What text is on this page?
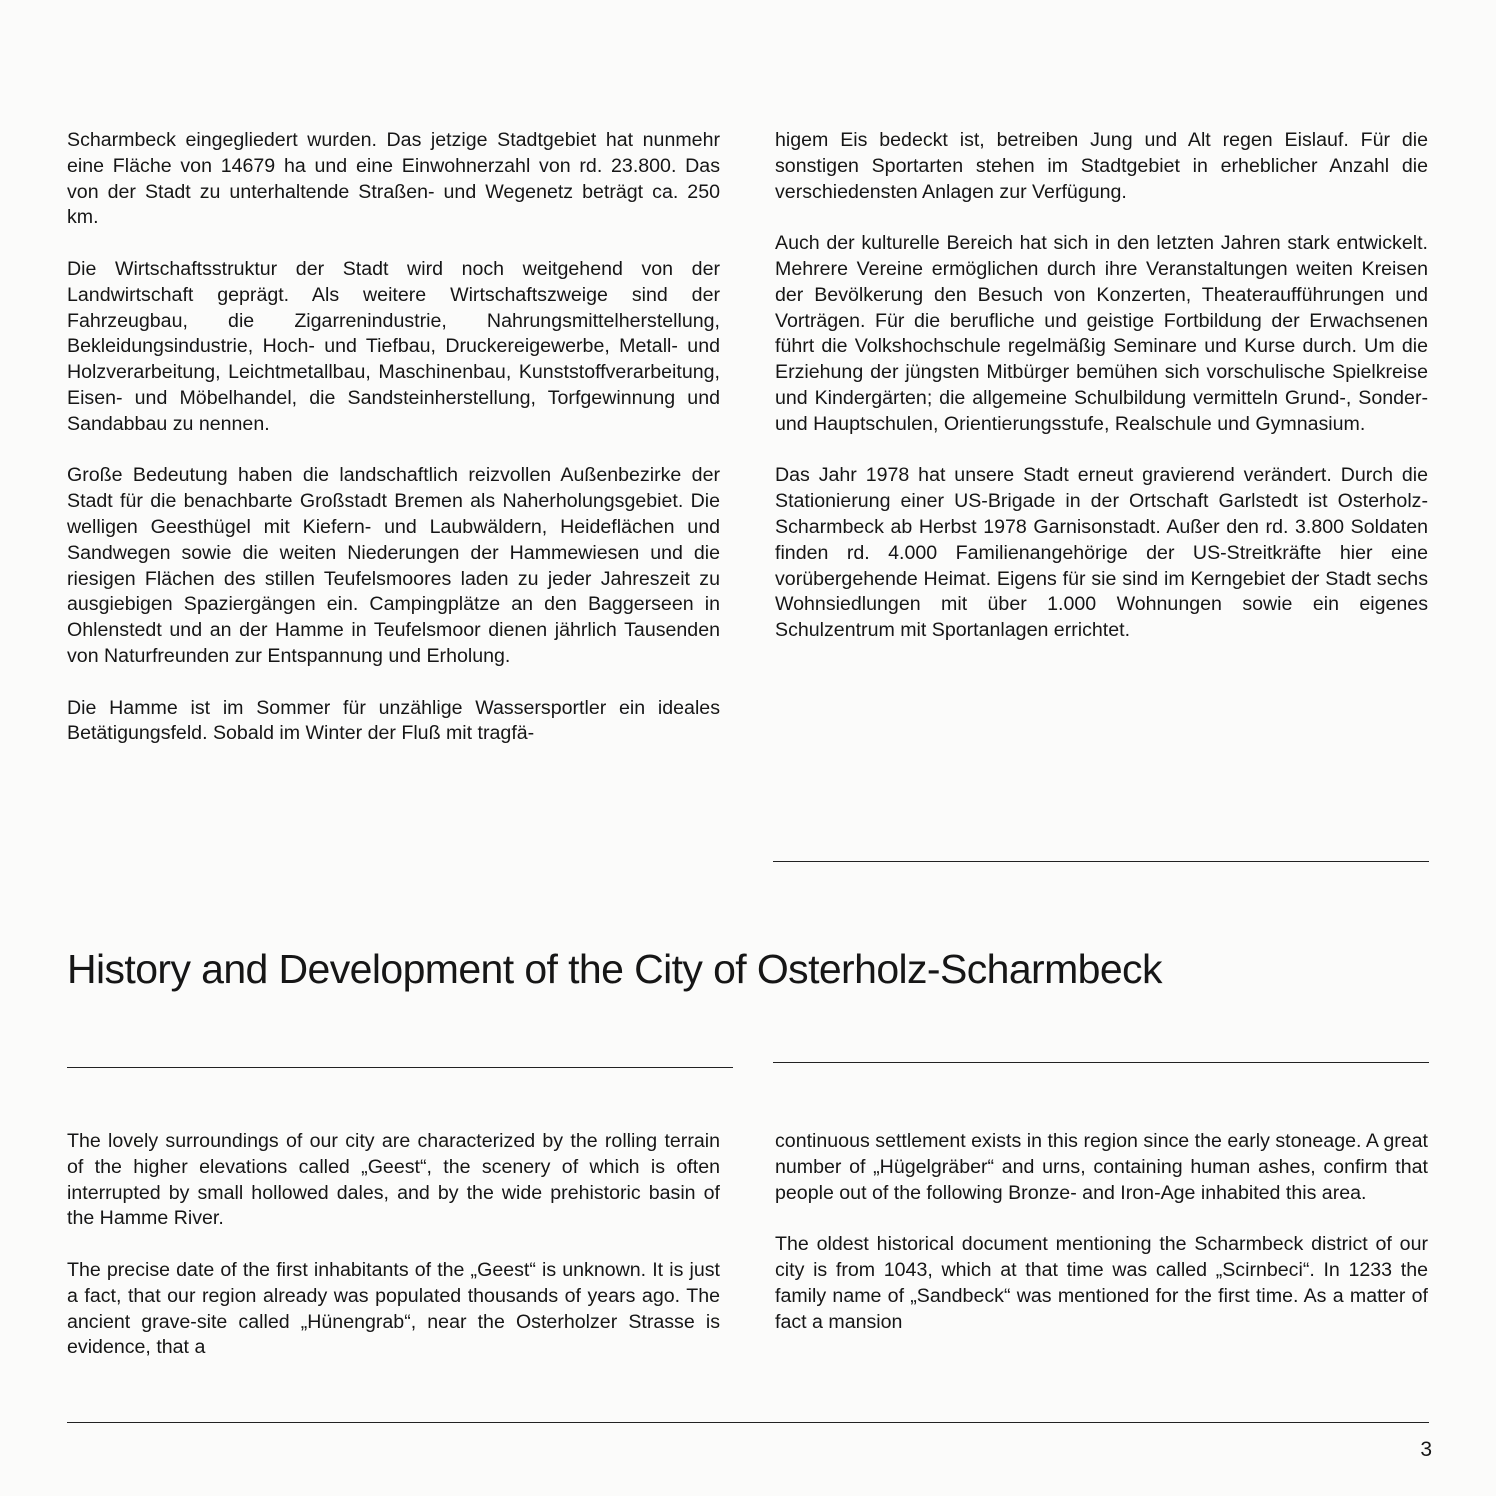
Scharmbeck eingegliedert wurden. Das jetzige Stadtgebiet hat nunmehr eine Fläche von 14679 ha und eine Einwohnerzahl von rd. 23.800. Das von der Stadt zu unterhaltende Straßen- und Wegenetz beträgt ca. 250 km.

Die Wirtschaftsstruktur der Stadt wird noch weitgehend von der Landwirtschaft geprägt. Als weitere Wirtschaftszweige sind der Fahrzeugbau, die Zigarrenindustrie, Nahrungsmittelherstellung, Bekleidungsindustrie, Hoch- und Tiefbau, Druckereigewerbe, Metall- und Holzverarbeitung, Leichtmetallbau, Maschinenbau, Kunststoffverarbeitung, Eisen- und Möbelhandel, die Sandsteinherstellung, Torfgewinnung und Sandabbau zu nennen.

Große Bedeutung haben die landschaftlich reizvollen Außenbezirke der Stadt für die benachbarte Großstadt Bremen als Naherholungsgebiet. Die welligen Geesthügel mit Kiefern- und Laubwäldern, Heideflächen und Sandwegen sowie die weiten Niederungen der Hammewiesen und die riesigen Flächen des stillen Teufelsmoores laden zu jeder Jahreszeit zu ausgiebigen Spaziergängen ein. Campingplätze an den Baggerseen in Ohlenstedt und an der Hamme in Teufelsmoor dienen jährlich Tausenden von Naturfreunden zur Entspannung und Erholung.

Die Hamme ist im Sommer für unzählige Wassersportler ein ideales Betätigungsfeld. Sobald im Winter der Fluß mit tragfä-

higem Eis bedeckt ist, betreiben Jung und Alt regen Eislauf. Für die sonstigen Sportarten stehen im Stadtgebiet in erheblicher Anzahl die verschiedensten Anlagen zur Verfügung.

Auch der kulturelle Bereich hat sich in den letzten Jahren stark entwickelt. Mehrere Vereine ermöglichen durch ihre Veranstaltungen weiten Kreisen der Bevölkerung den Besuch von Konzerten, Theateraufführungen und Vorträgen. Für die berufliche und geistige Fortbildung der Erwachsenen führt die Volkshochschule regelmäßig Seminare und Kurse durch. Um die Erziehung der jüngsten Mitbürger bemühen sich vorschulische Spielkreise und Kindergärten; die allgemeine Schulbildung vermitteln Grund-, Sonder- und Hauptschulen, Orientierungsstufe, Realschule und Gymnasium.

Das Jahr 1978 hat unsere Stadt erneut gravierend verändert. Durch die Stationierung einer US-Brigade in der Ortschaft Garlstedt ist Osterholz-Scharmbeck ab Herbst 1978 Garnisonstadt. Außer den rd. 3.800 Soldaten finden rd. 4.000 Familienangehörige der US-Streitkräfte hier eine vorübergehende Heimat. Eigens für sie sind im Kerngebiet der Stadt sechs Wohnsiedlungen mit über 1.000 Wohnungen sowie ein eigenes Schulzentrum mit Sportanlagen errichtet.

History and Development of the City of Osterholz-Scharmbeck

The lovely surroundings of our city are characterized by the rolling terrain of the higher elevations called „Geest“, the scenery of which is often interrupted by small hollowed dales, and by the wide prehistoric basin of the Hamme River.

The precise date of the first inhabitants of the „Geest“ is unknown. It is just a fact, that our region already was populated thousands of years ago. The ancient grave-site called „Hünengrab“, near the Osterholzer Strasse is evidence, that a

continuous settlement exists in this region since the early stoneage. A great number of „Hügelgräber“ and urns, containing human ashes, confirm that people out of the following Bronze- and Iron-Age inhabited this area.

The oldest historical document mentioning the Scharmbeck district of our city is from 1043, which at that time was called „Scirnbeci“. In 1233 the family name of „Sandbeck“ was mentioned for the first time. As a matter of fact a mansion

3
